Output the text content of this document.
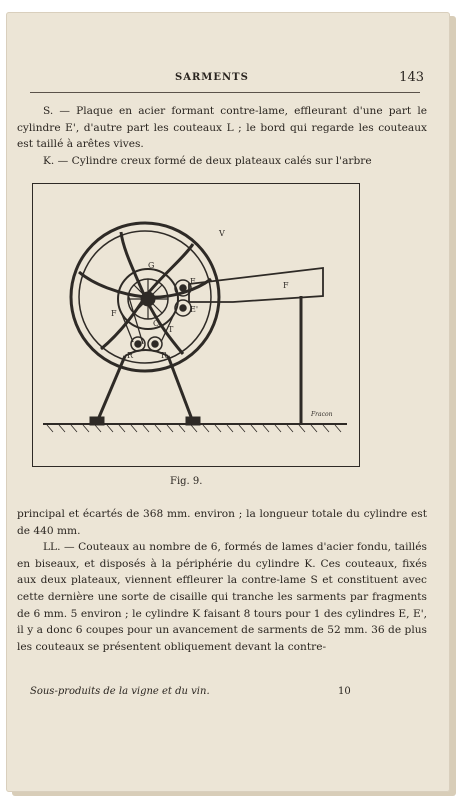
SARMENTS	143

S. — Plaque en acier formant contre-lame, effleurant d'une part le cylindre E', d'autre part les couteaux L ; le bord qui regarde les couteaux est taillé à arêtes vives.

K. — Cylindre creux formé de deux plateaux calés sur l'arbre

V
G
E
E'
F
F
C
T
R	R
Fracon
Fig. 9.

principal et écartés de 368 mm. environ ; la longueur totale du cylindre est de 440 mm.

LL. — Couteaux au nombre de 6, formés de lames d'acier fondu, taillés en biseaux, et disposés à la périphérie du cylindre K. Ces couteaux, fixés aux deux plateaux, viennent effleurer la contre-lame S et constituent avec cette dernière une sorte de cisaille qui tranche les sarments par fragments de 6 mm. 5 environ ; le cylindre K faisant 8 tours pour 1 des cylindres E, E', il y a donc 6 coupes pour un avancement de sarments de 52 mm. 36 de plus les couteaux se présentent obliquement devant la contre-

Sous-produits de la vigne et du vin.	10
